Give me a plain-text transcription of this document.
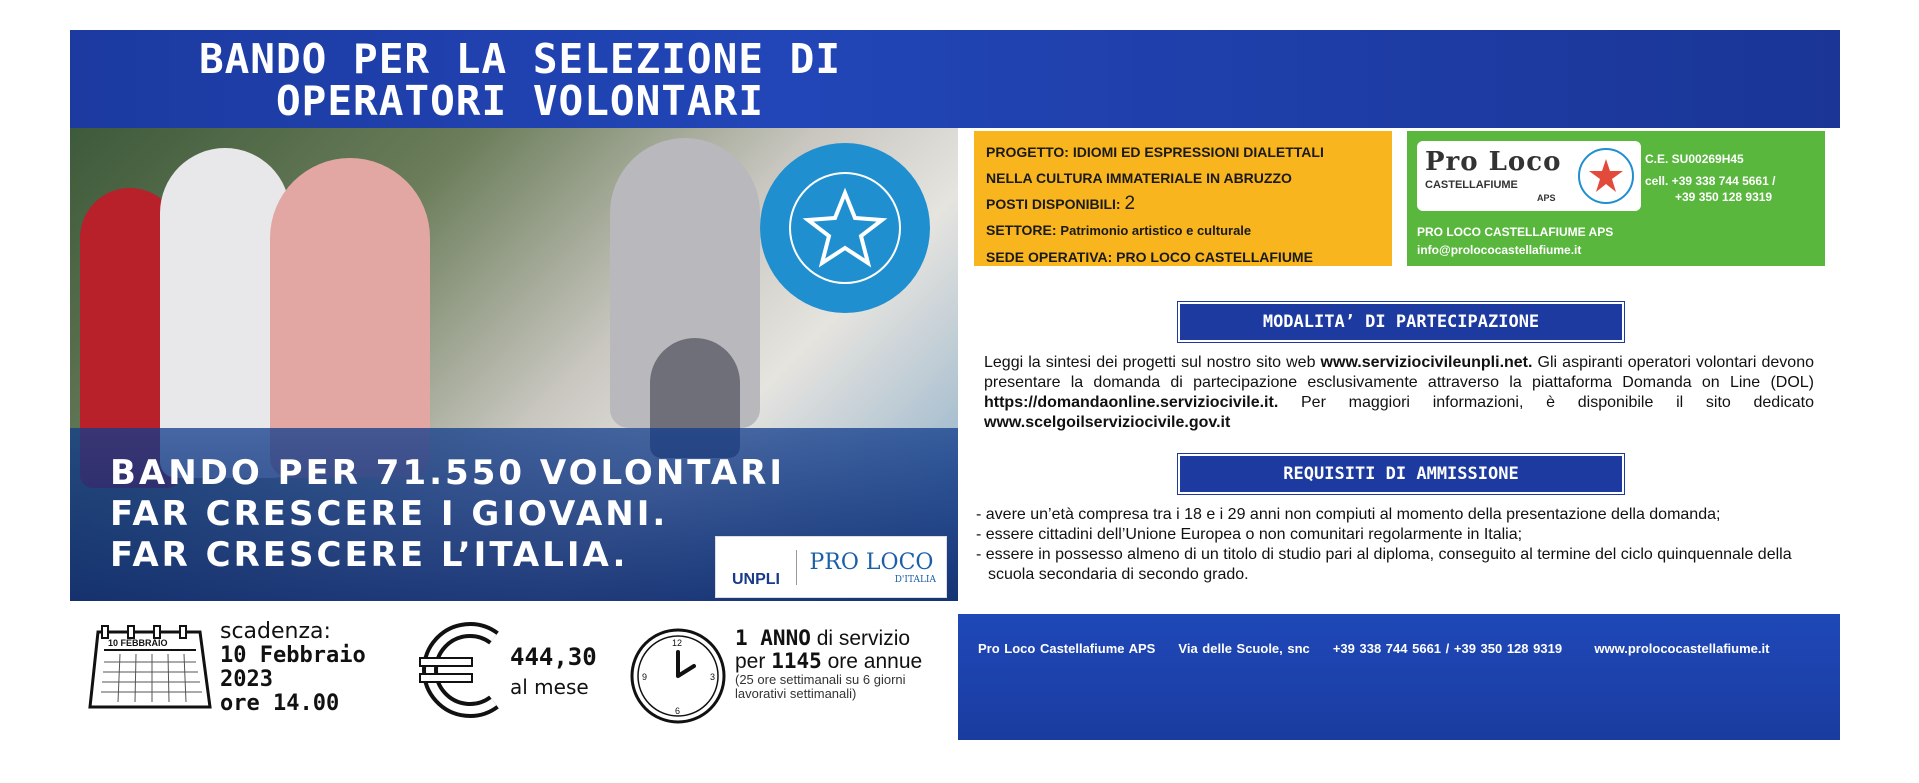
BANDO PER LA SELEZIONE DI
OPERATORI VOLONTARI
BANDO PER 71.550 VOLONTARI
FAR CRESCERE I GIOVANI.
FAR CRESCERE L’ITALIA.
UNPLI
PRO LOCO
D'ITALIA
PROGETTO: IDIOMI ED ESPRESSIONI DIALETTALI
NELLA CULTURA IMMATERIALE IN ABRUZZO
POSTI DISPONIBILI: 2
SETTORE: Patrimonio artistico e culturale
SEDE OPERATIVA: PRO LOCO CASTELLAFIUME
Pro Loco
CASTELLAFIUME
APS
C.E. SU00269H45
cell. +39 338 744 5661 /
+39 350 128 9319
PRO LOCO CASTELLAFIUME APS
info@prolococastellafiume.it
MODALITA’ DI PARTECIPAZIONE
Leggi la sintesi dei progetti sul nostro sito web www.serviziocivileunpli.net. Gli aspiranti operatori volontari devono presentare la domanda di partecipazione esclusivamente attraverso la piattaforma Domanda on Line (DOL) https://domandaonline.serviziocivile.it. Per maggiori informazioni, è disponibile il sito dedicato www.scelgoilserviziocivile.gov.it
REQUISITI DI AMMISSIONE
- avere un’età compresa tra i 18 e i 29 anni non compiuti al momento della presentazione della domanda;
- essere cittadini dell’Unione Europea o non comunitari regolarmente in Italia;
- essere in possesso almeno di un titolo di studio pari al diploma, conseguito al termine del ciclo quinquennale della scuola secondaria di secondo grado.
Pro Loco Castellafiume APS Via delle Scuole, snc +39 338 744 5661 / +39 350 128 9319 www.prolococastellafiume.it
10 FEBBRAIO scadenza:
10 Febbraio
2023
ore 14.00
444,30
al mese
12
3
6
9
1 ANNO di servizio
per 1145 ore annue
(25 ore settimanali su 6 giorni
lavorativi settimanali)
